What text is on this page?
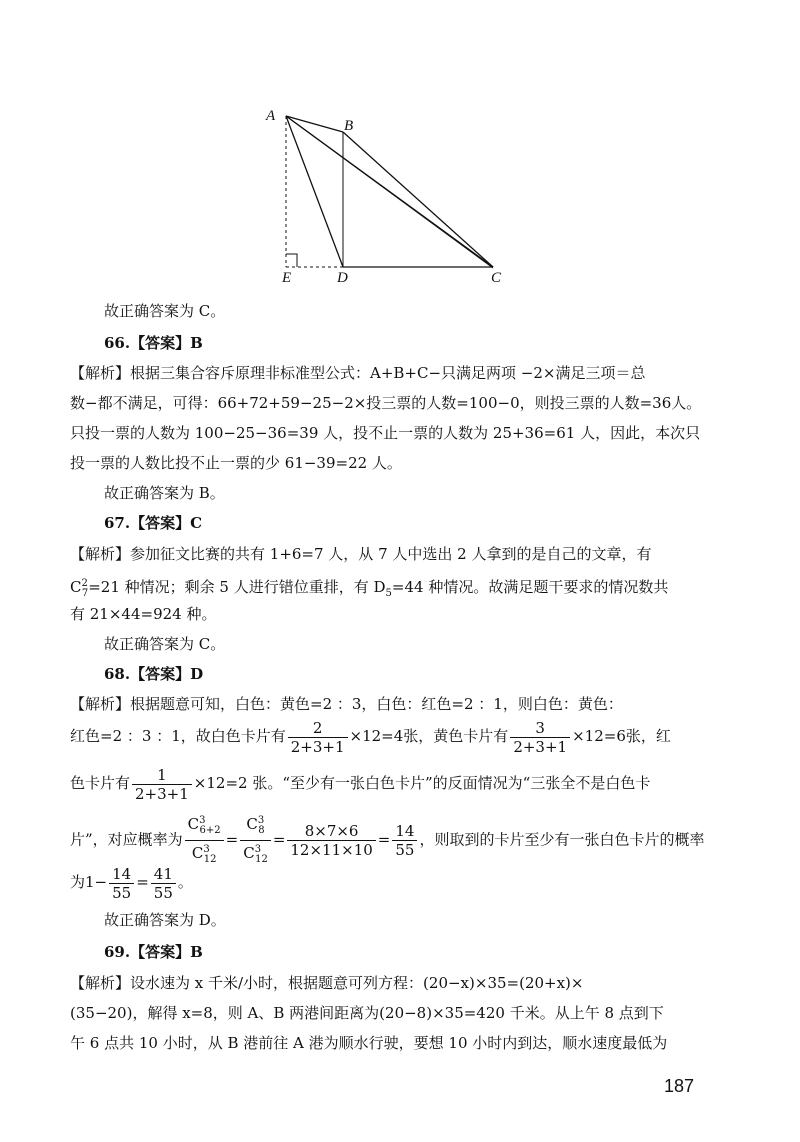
A
B
E	D	C
故正确答案为 C。
66.【答案】B
【解析】根据三集合容斥原理非标准型公式：A+B+C−只满足两项 −2×满足三项＝总
数−都不满足，可得：66+72+59−25−2×投三票的人数=100−0，则投三票的人数=36人。
只投一票的人数为 100−25−36=39 人，投不止一票的人数为 25+36=61 人，因此，本次只
投一票的人数比投不止一票的少 61−39=22 人。
故正确答案为 B。
67.【答案】C
【解析】参加征文比赛的共有 1+6=7 人，从 7 人中选出 2 人拿到的是自己的文章，有
$C^2_7=21$ 种情况；剩余 5 人进行错位重排，有 $D_5=44$ 种情况。故满足题干要求的情况数共
有 21×44=924 种。
故正确答案为 C。
68.【答案】D
【解析】根据题意可知，白色：黄色=2 ：3，白色：红色=2 ：1，则白色：黄色：
红色=2 ：3 ：1，故白色卡片有 $\frac{2}{2+3+1} \times 12=4$张，黄色卡片有 $\frac{3}{2+3+1} \times 12=6$张，红
色卡片有 $\frac{1}{2+3+1} \times 12=2$ 张。“至少有一张白色卡片”的反面情况为“三张全不是白色卡
片”，对应概率为 $\frac{C^3_{6+2}}{C^3_{12}} = \frac{C^3_8}{C^3_{12}} = \frac{8\times 7\times 6}{12\times 11\times 10} = \frac{14}{55}$ ，则取到的卡片至少有一张白色卡片的概率
为$1- \frac{14}{55} = \frac{41}{55}$ 。
故正确答案为 D。
69.【答案】B
【解析】设水速为 x 千米/小时，根据题意可列方程：(20−x)×35=(20+x)×
(35−20)，解得 x=8，则 A、B 两港间距离为(20−8)×35=420 千米。从上午 8 点到下
午 6 点共 10 小时，从 B 港前往 A 港为顺水行驶，要想 10 小时内到达，顺水速度最低为
187
